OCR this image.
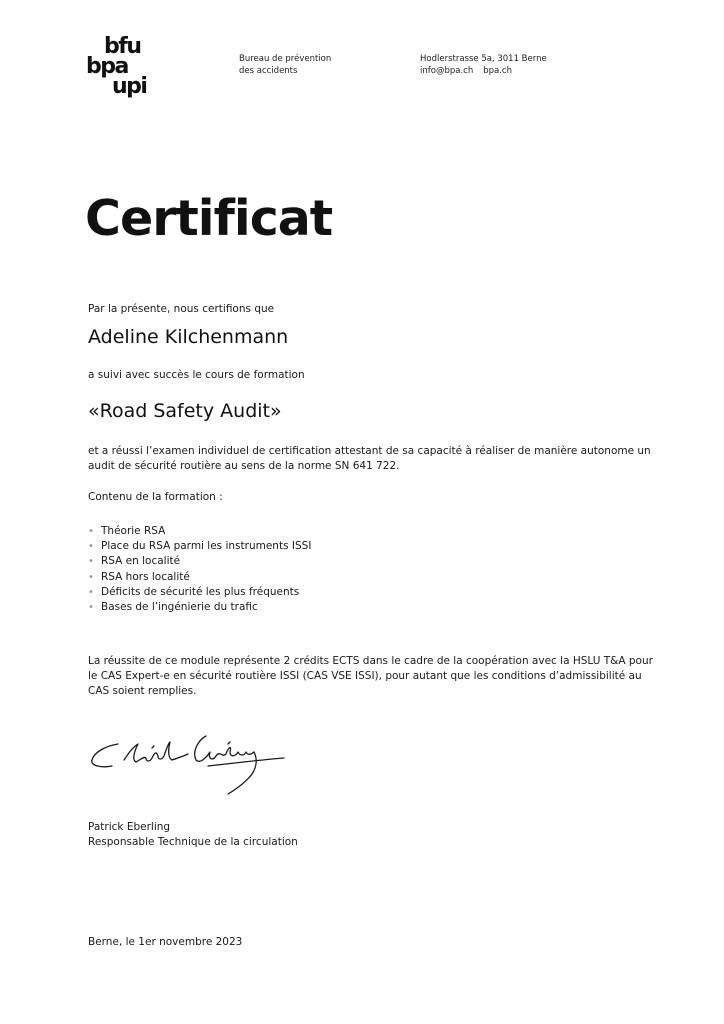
bfu
bpa
upi
Bureau de prévention
des accidents
Hodlerstrasse 5a, 3011 Berne
info@bpa.ch bpa.ch
Certificat
Par la présente, nous certifions que
Adeline Kilchenmann
a suivi avec succès le cours de formation
«Road Safety Audit»
et a réussi l’examen individuel de certification attestant de sa capacité à réaliser de manière autonome un audit de sécurité routière au sens de la norme SN 641 722.
Contenu de la formation :
• Théorie RSA
• Place du RSA parmi les instruments ISSI
• RSA en localité
• RSA hors localité
• Déficits de sécurité les plus fréquents
• Bases de l’ingénierie du trafic
La réussite de ce module représente 2 crédits ECTS dans le cadre de la coopération avec la HSLU T&A pour le CAS Expert-e en sécurité routière ISSI (CAS VSE ISSI), pour autant que les conditions d’admissibilité au CAS soient remplies.
Patrick Eberling
Responsable Technique de la circulation
Berne, le 1er novembre 2023
